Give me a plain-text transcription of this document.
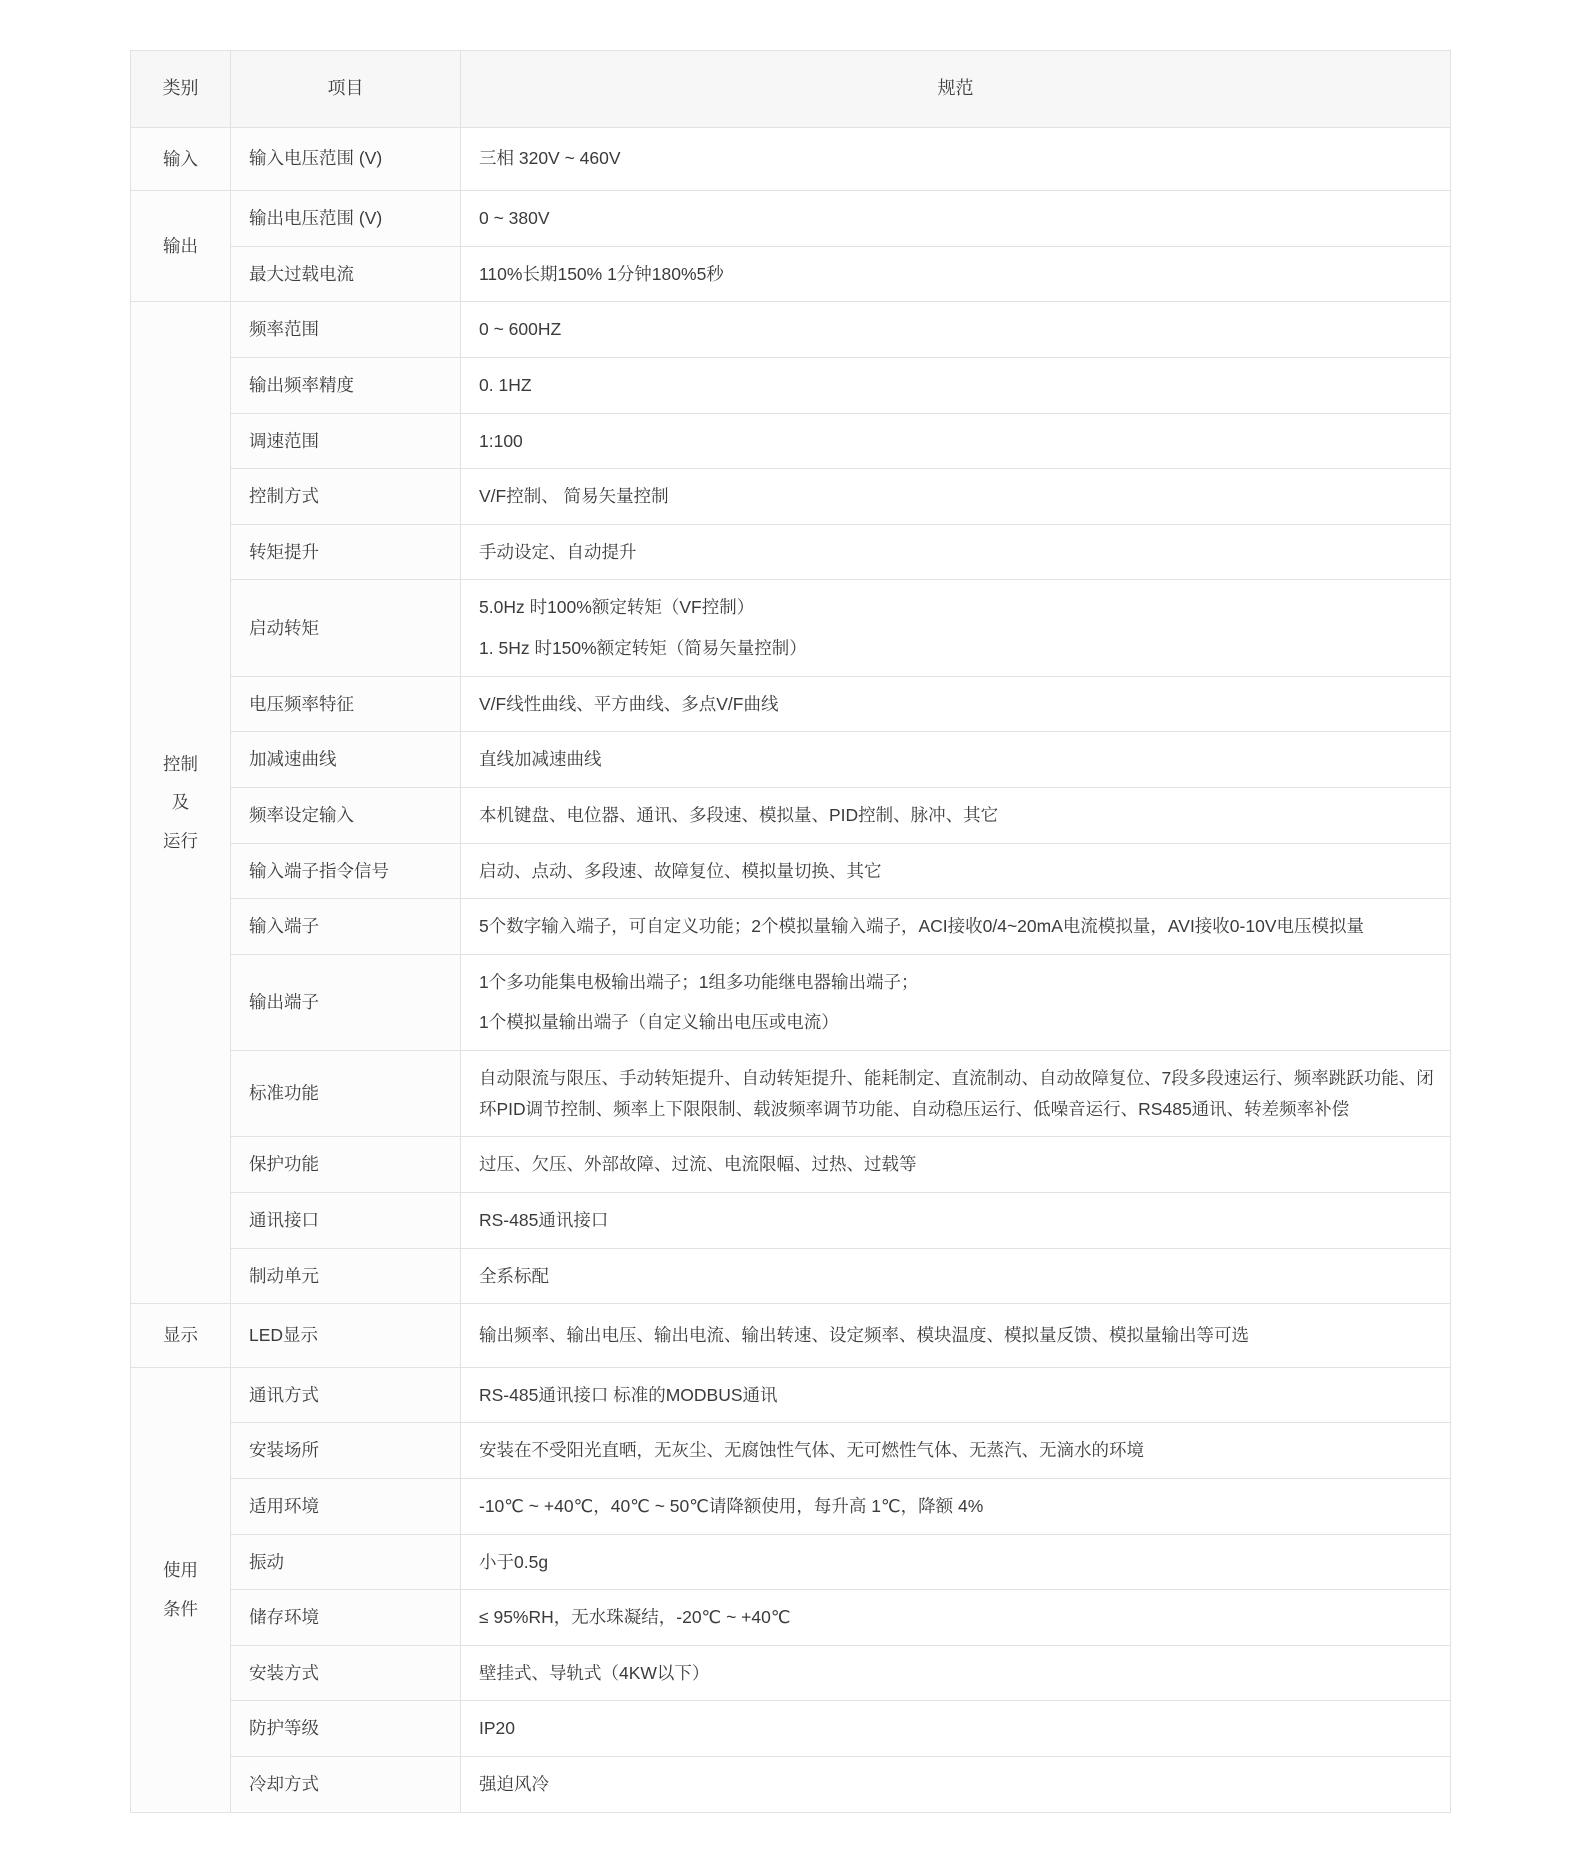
类别	项目	规范
输入	输入电压范围 (V)	三相 320V ~ 460V

输出	输出电压范围 (V)	0 ~ 380V

	最大过载电流	110%长期150% 1分钟180%5秒

控制
及
运行	频率范围	0 ~ 600HZ

	输出频率精度	0. 1HZ

	调速范围	1:100

	控制方式	V/F控制、 简易矢量控制

	转矩提升	手动设定、自动提升

	启动转矩	5.0Hz 时100%额定转矩（VF控制）
1. 5Hz 时150%额定转矩（简易矢量控制）

	电压频率特征	V/F线性曲线、平方曲线、多点V/F曲线

	加减速曲线	直线加减速曲线

	频率设定输入	本机键盘、电位器、通讯、多段速、模拟量、PID控制、脉冲、其它

	输入端子指令信号	启动、点动、多段速、故障复位、模拟量切换、其它

	输入端子	5个数字输入端子，可自定义功能；2个模拟量输入端子，ACI接收0/4~20mA电流模拟量，AVI接收0-10V电压模拟量

	输出端子	1个多功能集电极输出端子；1组多功能继电器输出端子；
1个模拟量输出端子（自定义输出电压或电流）

	标准功能	自动限流与限压、手动转矩提升、自动转矩提升、能耗制定、直流制动、自动故障复位、7段多段速运行、频率跳跃功能、闭环PID调节控制、频率上下限限制、载波频率调节功能、自动稳压运行、低噪音运行、RS485通讯、转差频率补偿

	保护功能	过压、欠压、外部故障、过流、电流限幅、过热、过载等

	通讯接口	RS-485通讯接口

	制动单元	全系标配

显示	LED显示	输出频率、输出电压、输出电流、输出转速、设定频率、模块温度、模拟量反馈、模拟量输出等可选

使用
条件	通讯方式	RS-485通讯接口 标准的MODBUS通讯

	安装场所	安装在不受阳光直晒，无灰尘、无腐蚀性气体、无可燃性气体、无蒸汽、无滴水的环境

	适用环境	-10℃ ~ +40℃，40℃ ~ 50℃请降额使用，每升高 1℃，降额 4%

	振动	小于0.5g

	储存环境	≤ 95%RH，无水珠凝结，-20℃ ~ +40℃

	安装方式	壁挂式、导轨式（4KW以下）

	防护等级	IP20

	冷却方式	强迫风冷
